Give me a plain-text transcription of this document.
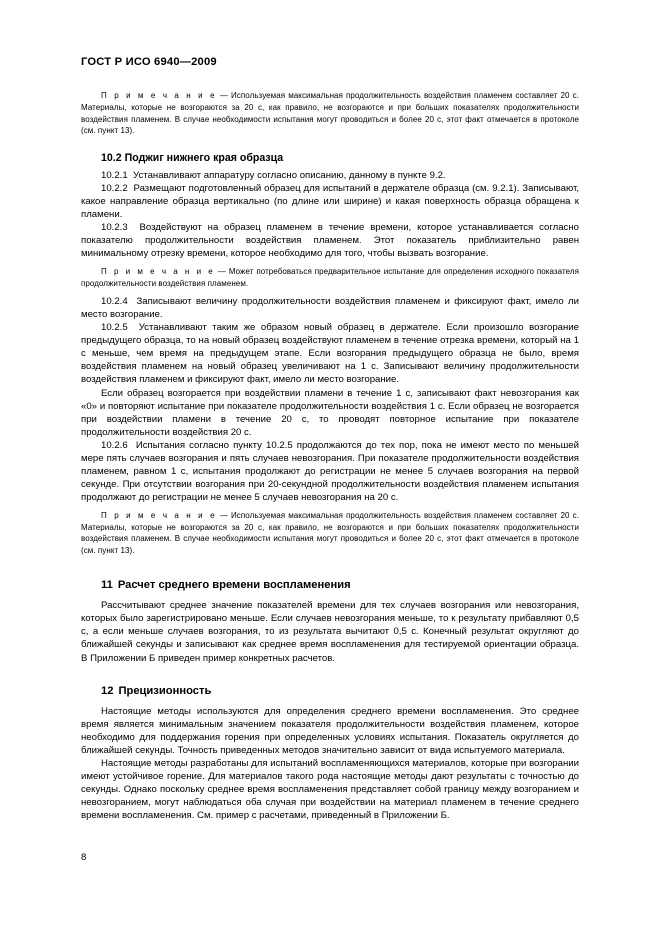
ГОСТ Р ИСО 6940—2009

П р и м е ч а н и е — Используемая максимальная продолжительность воздействия пламенем составляет 20 с. Материалы, которые не возгораются за 20 с, как правило, не возгораются и при больших показателях продолжительности воздействия пламенем. В случае необходимости испытания могут проводиться и более 20 с, этот факт отмечается в протоколе (см. пункт 13).

10.2 Поджиг нижнего края образца

10.2.1 Устанавливают аппаратуру согласно описанию, данному в пункте 9.2.

10.2.2 Размещают подготовленный образец для испытаний в держателе образца (см. 9.2.1). Записывают, какое направление образца вертикально (по длине или ширине) и какая поверхность образца обращена к пламени.

10.2.3 Воздействуют на образец пламенем в течение времени, которое устанавливается согласно показателю продолжительности воздействия пламенем. Этот показатель приблизительно равен минимальному отрезку времени, которое необходимо для того, чтобы вызвать возгорание.

П р и м е ч а н и е — Может потребоваться предварительное испытание для определения исходного показателя продолжительности воздействия пламенем.

10.2.4 Записывают величину продолжительности воздействия пламенем и фиксируют факт, имело ли место возгорание.

10.2.5 Устанавливают таким же образом новый образец в держателе. Если произошло возгорание предыдущего образца, то на новый образец воздействуют пламенем в течение отрезка времени, который на 1 с меньше, чем время на предыдущем этапе. Если возгорания предыдущего образца не было, время воздействия пламенем на новый образец увеличивают на 1 с. Записывают величину продолжительности воздействия пламенем и фиксируют факт, имело ли место возгорание.

Если образец возгорается при воздействии пламени в течение 1 с, записывают факт невозгорания как «0» и повторяют испытание при показателе продолжительности воздействия 1 с. Если образец не возгорается при воздействии пламени в течение 20 с, то проводят повторное испытание при показателе продолжительности воздействия 20 с.

10.2.6 Испытания согласно пункту 10.2.5 продолжаются до тех пор, пока не имеют место по меньшей мере пять случаев возгорания и пять случаев невозгорания. При показателе продолжительности воздействия пламенем, равном 1 с, испытания продолжают до регистрации не менее 5 случаев возгорания на первой секунде. При отсутствии возгорания при 20-секундной продолжительности воздействия пламенем испытания продолжают до регистрации не менее 5 случаев невозгорания на 20 с.

П р и м е ч а н и е — Используемая максимальная продолжительность воздействия пламенем составляет 20 с. Материалы, которые не возгораются за 20 с, как правило, не возгораются и при больших показателях продолжительности воздействия пламенем. В случае необходимости испытания могут проводиться и более 20 с, этот факт отмечается в протоколе (см. пункт 13).

11 Расчет среднего времени воспламенения

Рассчитывают среднее значение показателей времени для тех случаев возгорания или невозгорания, которых было зарегистрировано меньше. Если случаев невозгорания меньше, то к результату прибавляют 0,5 с, а если меньше случаев возгорания, то из результата вычитают 0,5 с. Конечный результат округляют до ближайшей секунды и записывают как среднее время воспламенения для тестируемой ориентации образца. В Приложении Б приведен пример конкретных расчетов.

12 Прецизионность

Настоящие методы используются для определения среднего времени воспламенения. Это среднее время является минимальным значением показателя продолжительности воздействия пламенем, которое необходимо для поддержания горения при определенных условиях испытания. Показатель округляется до ближайшей секунды. Точность приведенных методов значительно зависит от вида испытуемого материала.

Настоящие методы разработаны для испытаний воспламеняющихся материалов, которые при возгорании имеют устойчивое горение. Для материалов такого рода настоящие методы дают результаты с точностью до секунды. Однако поскольку среднее время воспламенения представляет собой границу между возгоранием и невозгоранием, могут наблюдаться оба случая при воздействии на материал пламенем в течение среднего времени воспламенения. См. пример с расчетами, приведенный в Приложении Б.

8
